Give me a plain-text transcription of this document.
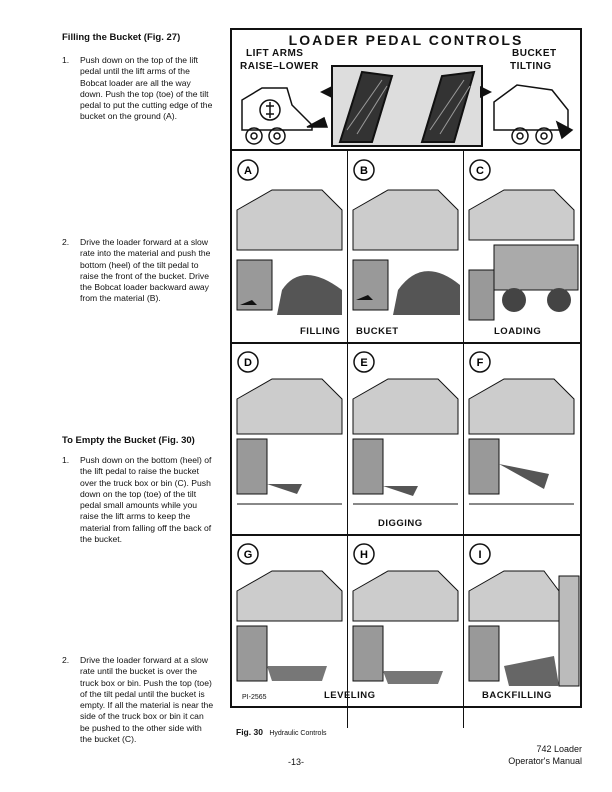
Filling the Bucket (Fig. 27)
1. Push down on the top of the lift
pedal until the lift arms of the
Bobcat loader are all the way
down. Push the top (toe) of the tilt
pedal to put the cutting edge of the
bucket on the ground (A).
2. Drive the loader forward at a slow
rate into the material and push the
bottom (heel) of the tilt pedal to
raise the front of the bucket. Drive
the Bobcat loader backward away
from the material (B).
To Empty the Bucket (Fig. 30)
1. Push down on the bottom (heel) of
the lift pedal to raise the bucket
over the truck box or bin (C). Push
down on the top (toe) of the tilt
pedal small amounts while you
raise the lift arms to keep the
material from falling off the back of
the bucket.
2. Drive the loader forward at a slow
rate until the bucket is over the
truck box or bin. Push the top (toe)
of the tilt pedal until the bucket is
empty. If all the material is near the
side of the truck box or bin it can
be pushed to the other side with
the bucket (C).
LOADER PEDAL CONTROLS
LIFT ARMS
RAISE–LOWER
BUCKET
TILTING
A	B	C
FILLING BUCKET	LOADING
D	E	F
DIGGING
G	H	I
PI-2565	LEVELING	BACKFILLING
Fig. 30 Hydraulic Controls
-13-
742 Loader
Operator's Manual
